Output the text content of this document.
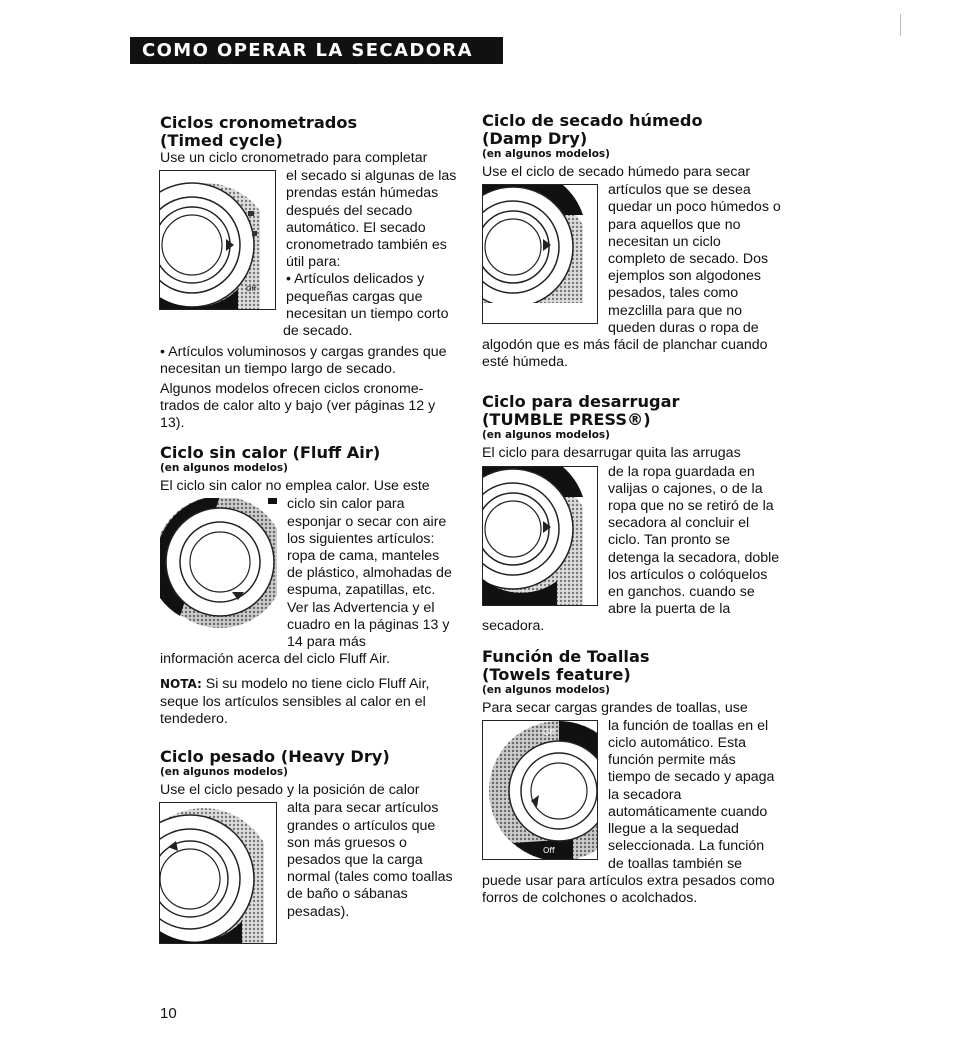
COMO OPERAR LA SECADORA
Ciclos cronometrados
(Timed cycle)

Use un ciclo cronometrado para completar

Off

el secado si algunas de las prendas están húmedas después del secado automático. El secado cronometrado también es útil para:

• Artículos delicados y pequeñas cargas que necesitan un tiempo corto de secado.

• Artículos voluminosos y cargas grandes que necesitan un tiempo largo de secado.

Algunos modelos ofrecen ciclos cronome-trados de calor alto y bajo (ver páginas 12 y 13).

Ciclo sin calor (Fluff Air)
(en algunos modelos)

El ciclo sin calor no emplea calor. Use este

ciclo sin calor para esponjar o secar con aire los siguientes artículos: ropa de cama, manteles de plástico, almohadas de espuma, zapatillas, etc. Ver las Advertencia y el cuadro en la páginas 13 y 14 para más

información acerca del ciclo Fluff Air.

NOTA: Si su modelo no tiene ciclo Fluff Air, seque los artículos sensibles al calor en el tendedero.

Ciclo pesado (Heavy Dry)
(en algunos modelos)

Use el ciclo pesado y la posición de calor

alta para secar artículos grandes o artículos que son más gruesos o pesados que la carga normal (tales como toallas de baño o sábanas pesadas).

Ciclo de secado húmedo
(Damp Dry)
(en algunos modelos)

Use el ciclo de secado húmedo para secar

artículos que se desea quedar un poco húmedos o para aquellos que no necesitan un ciclo completo de secado. Dos ejemplos son algodones pesados, tales como mezclilla para que no queden duras o ropa de

algodón que es más fácil de planchar cuando esté húmeda.

Ciclo para desarrugar
(TUMBLE PRESS®)
(en algunos modelos)

El ciclo para desarrugar quita las arrugas

de la ropa guardada en valijas o cajones, o de la ropa que no se retiró de la secadora al concluir el ciclo. Tan pronto se detenga la secadora, doble los artículos o colóquelos en ganchos. cuando se abre la puerta de la secadora.

Función de Toallas
(Towels feature)
(en algunos modelos)

Para secar cargas grandes de toallas, use

Off
Off

la función de toallas en el ciclo automático. Esta función permite más tiempo de secado y apaga la secadora automáticamente cuando llegue a la sequedad seleccionada. La función de toallas también se

puede usar para artículos extra pesados como forros de colchones o acolchados.

10
